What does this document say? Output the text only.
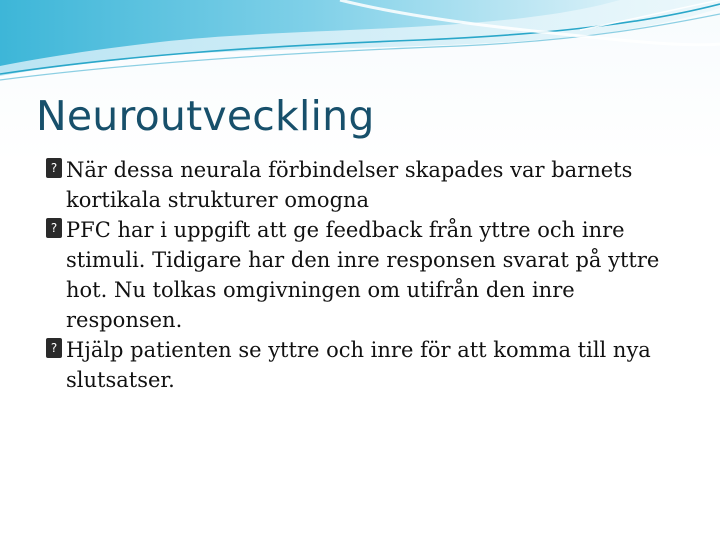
Neuroutveckling
? När dessa neurala förbindelser skapades var barnets kortikala strukturer omogna
? PFC har i uppgift att ge feedback från yttre och inre stimuli. Tidigare har den inre responsen svarat på yttre hot. Nu tolkas omgivningen om utifrån den inre responsen.
? Hjälp patienten se yttre och inre för att komma till nya slutsatser.
